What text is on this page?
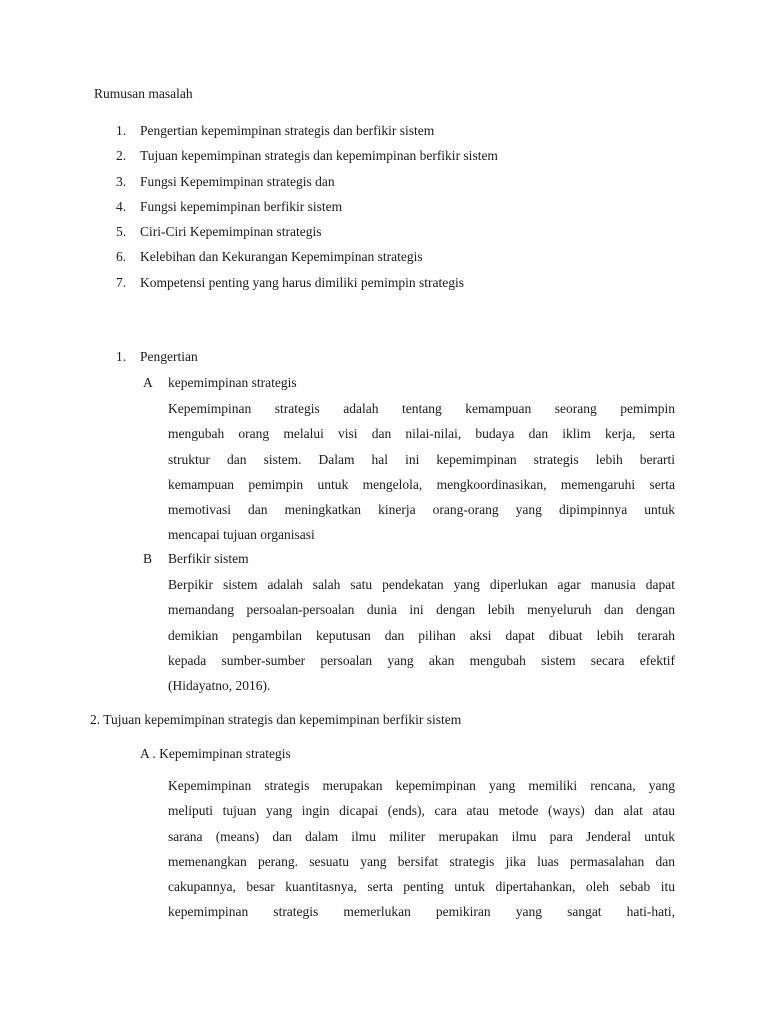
Rumusan masalah
1. Pengertian kepemimpinan strategis dan berfikir sistem
2. Tujuan kepemimpinan strategis dan kepemimpinan berfikir sistem
3. Fungsi Kepemimpinan strategis dan
4. Fungsi kepemimpinan berfikir sistem
5. Ciri-Ciri Kepemimpinan strategis
6. Kelebihan dan Kekurangan Kepemimpinan strategis
7. Kompetensi penting yang harus dimiliki pemimpin strategis
1. Pengertian
A kepemimpinan strategis
Kepemimpinan strategis adalah tentang kemampuan seorang pemimpin
mengubah orang melalui visi dan nilai-nilai, budaya dan iklim kerja, serta
struktur dan sistem. Dalam hal ini kepemimpinan strategis lebih berarti
kemampuan pemimpin untuk mengelola, mengkoordinasikan, memengaruhi serta
memotivasi dan meningkatkan kinerja orang-orang yang dipimpinnya untuk
mencapai tujuan organisasi
B Berfikir sistem
Berpikir sistem adalah salah satu pendekatan yang diperlukan agar manusia dapat
memandang persoalan-persoalan dunia ini dengan lebih menyeluruh dan dengan
demikian pengambilan keputusan dan pilihan aksi dapat dibuat lebih terarah
kepada sumber-sumber persoalan yang akan mengubah sistem secara efektif
(Hidayatno, 2016).
2. Tujuan kepemimpinan strategis dan kepemimpinan berfikir sistem
A . Kepemimpinan strategis
Kepemimpinan strategis merupakan kepemimpinan yang memiliki rencana, yang
meliputi tujuan yang ingin dicapai (ends), cara atau metode (ways) dan alat atau
sarana (means) dan dalam ilmu militer merupakan ilmu para Jenderal untuk
memenangkan perang. sesuatu yang bersifat strategis jika luas permasalahan dan
cakupannya, besar kuantitasnya, serta penting untuk dipertahankan, oleh sebab itu
kepemimpinan strategis memerlukan pemikiran yang sangat hati-hati,
